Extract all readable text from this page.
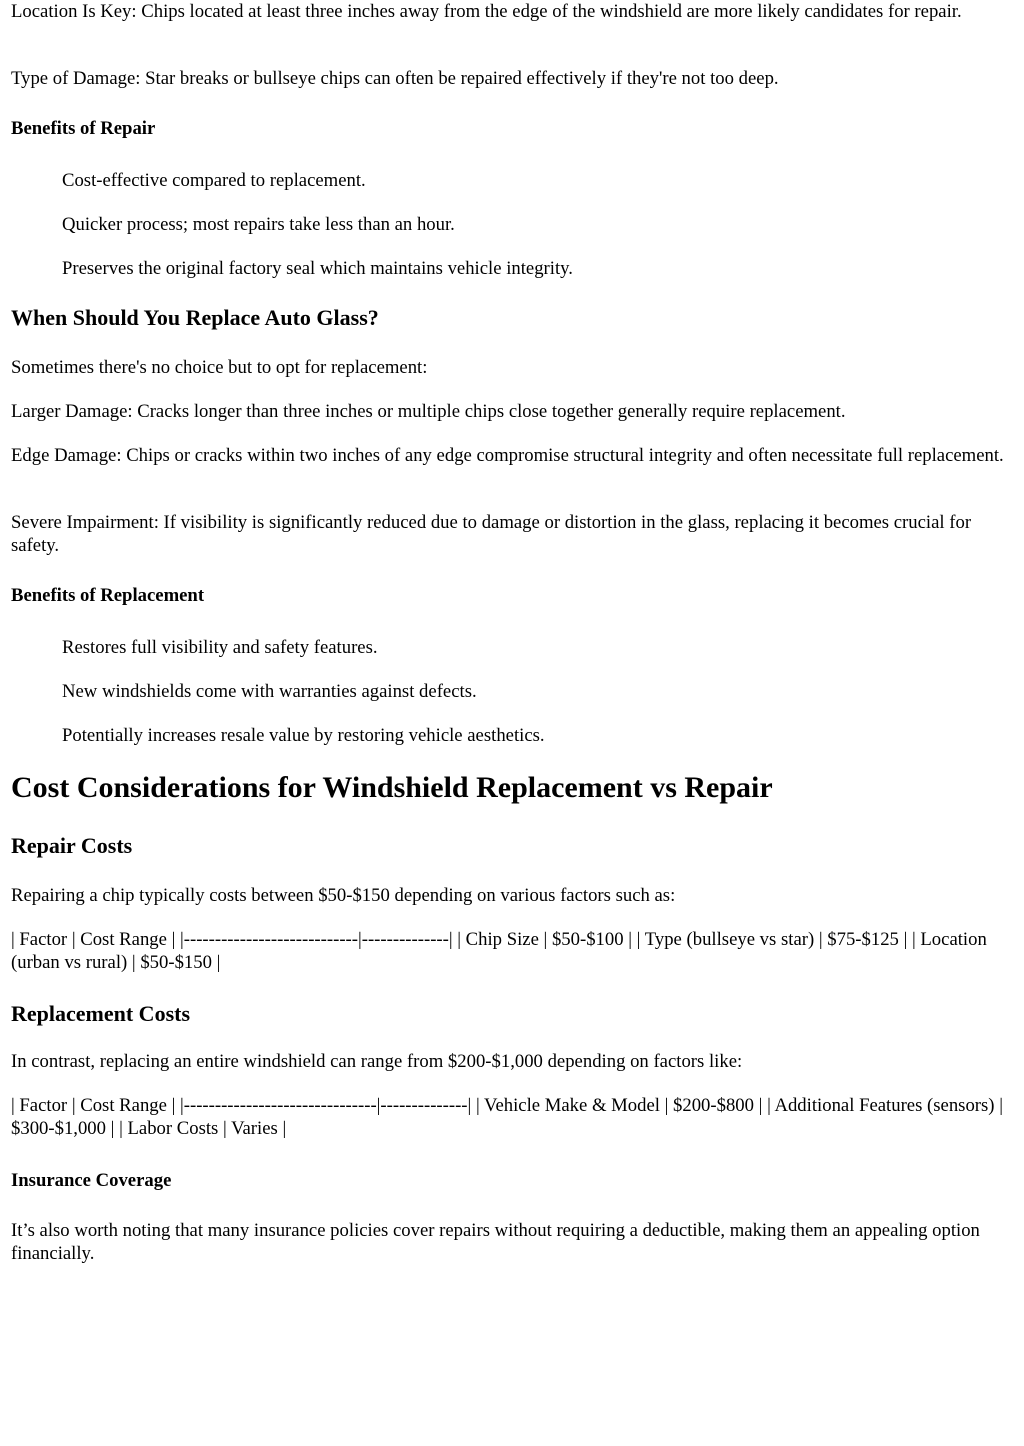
Location Is Key: Chips located at least three inches away from the edge of the windshield are more likely candidates for repair.

Type of Damage: Star breaks or bullseye chips can often be repaired effectively if they're not too deep.

Benefits of Repair

Cost-effective compared to replacement.

Quicker process; most repairs take less than an hour.

Preserves the original factory seal which maintains vehicle integrity.

When Should You Replace Auto Glass?

Sometimes there's no choice but to opt for replacement:

Larger Damage: Cracks longer than three inches or multiple chips close together generally require replacement.

Edge Damage: Chips or cracks within two inches of any edge compromise structural integrity and often necessitate full replacement.

Severe Impairment: If visibility is significantly reduced due to damage or distortion in the glass, replacing it becomes crucial for safety.

Benefits of Replacement

Restores full visibility and safety features.

New windshields come with warranties against defects.

Potentially increases resale value by restoring vehicle aesthetics.

Cost Considerations for Windshield Replacement vs Repair

Repair Costs

Repairing a chip typically costs between $50-$150 depending on various factors such as:

| Factor | Cost Range | |----------------------------|--------------| | Chip Size | $50-$100 | | Type (bullseye vs star) | $75-$125 | | Location (urban vs rural) | $50-$150 |

Replacement Costs

In contrast, replacing an entire windshield can range from $200-$1,000 depending on factors like:

| Factor | Cost Range | |-------------------------------|--------------| | Vehicle Make & Model | $200-$800 | | Additional Features (sensors) | $300-$1,000 | | Labor Costs | Varies |

Insurance Coverage

It’s also worth noting that many insurance policies cover repairs without requiring a deductible, making them an appealing option financially.
